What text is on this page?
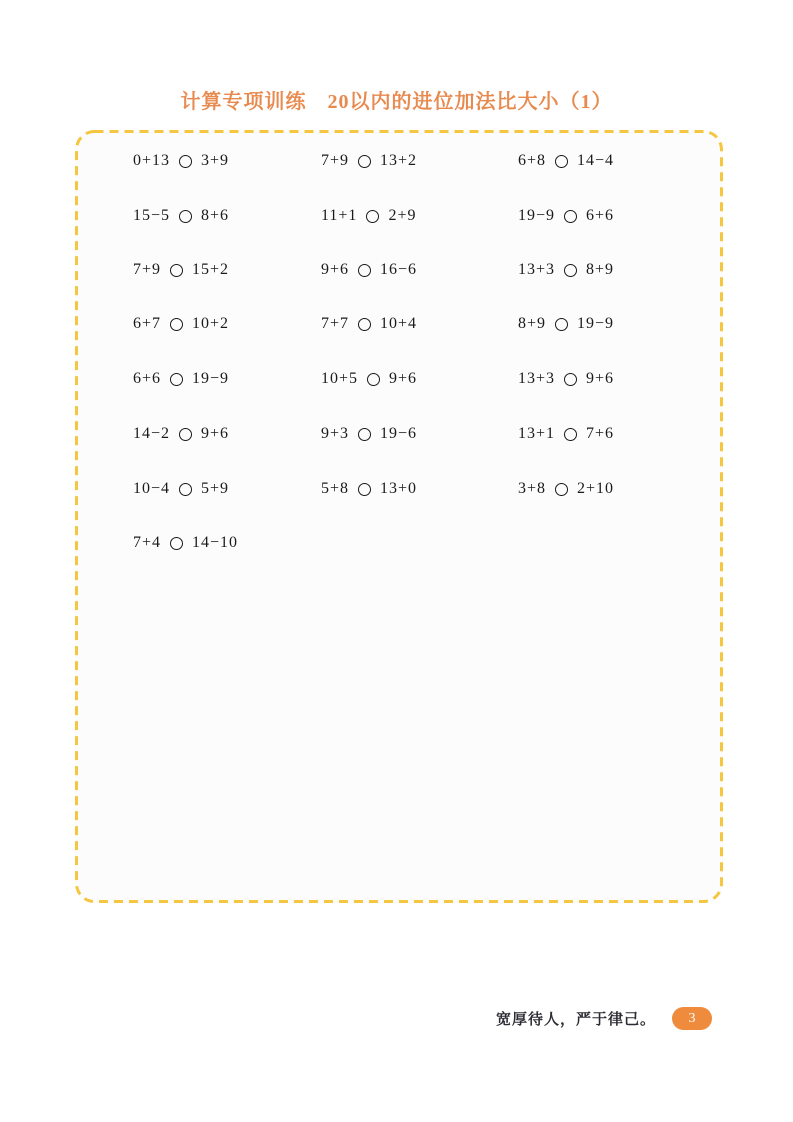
计算专项训练　20以内的进位加法比大小（1）
0+13 3+9	7+9 13+2	6+8 14−4
15−5 8+6	11+1 2+9	19−9 6+6
7+9 15+2	9+6 16−6	13+3 8+9
6+7 10+2	7+7 10+4	8+9 19−9
6+6 19−9	10+5 9+6	13+3 9+6
14−2 9+6	9+3 19−6	13+1 7+6
10−4 5+9	5+8 13+0	3+8 2+10
7+4 14−10
宽厚待人，严于律己。	3
